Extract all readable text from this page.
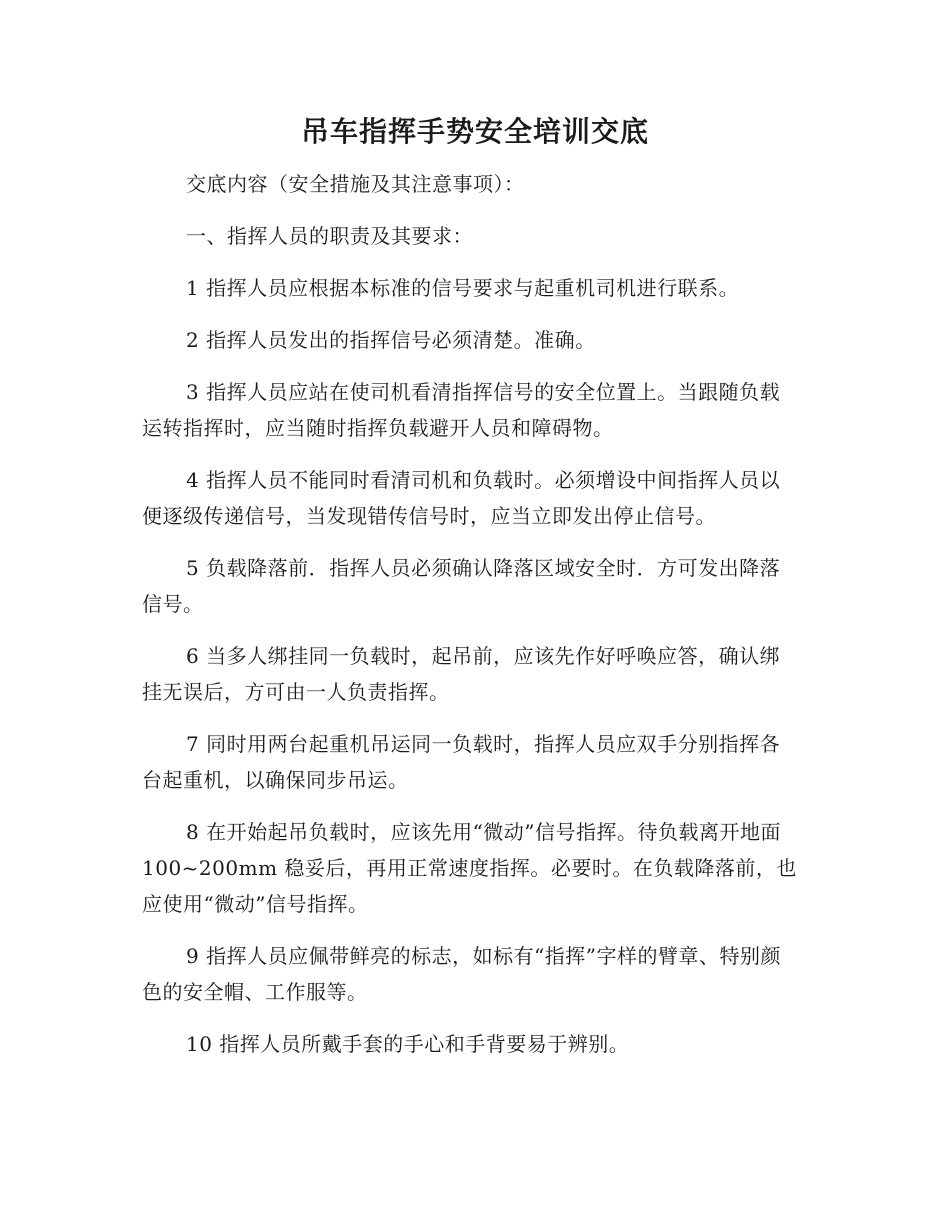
吊车指挥手势安全培训交底

交底内容（安全措施及其注意事项）：

一、指挥人员的职责及其要求：

1 指挥人员应根据本标准的信号要求与起重机司机进行联系。

2 指挥人员发出的指挥信号必须清楚。准确。

3 指挥人员应站在使司机看清指挥信号的安全位置上。当跟随负载运转指挥时，应当随时指挥负载避开人员和障碍物。

4 指挥人员不能同时看清司机和负载时。必须增设中间指挥人员以便逐级传递信号，当发现错传信号时，应当立即发出停止信号。

5 负载降落前．指挥人员必须确认降落区域安全时．方可发出降落信号。

6 当多人绑挂同一负载时，起吊前，应该先作好呼唤应答，确认绑挂无误后，方可由一人负责指挥。

7 同时用两台起重机吊运同一负载时，指挥人员应双手分别指挥各台起重机，以确保同步吊运。

8 在开始起吊负载时，应该先用“微动”信号指挥。待负载离开地面 100~200mm 稳妥后，再用正常速度指挥。必要时。在负载降落前，也应使用“微动”信号指挥。

9 指挥人员应佩带鲜亮的标志，如标有“指挥”字样的臂章、特别颜色的安全帽、工作服等。

10 指挥人员所戴手套的手心和手背要易于辨别。
